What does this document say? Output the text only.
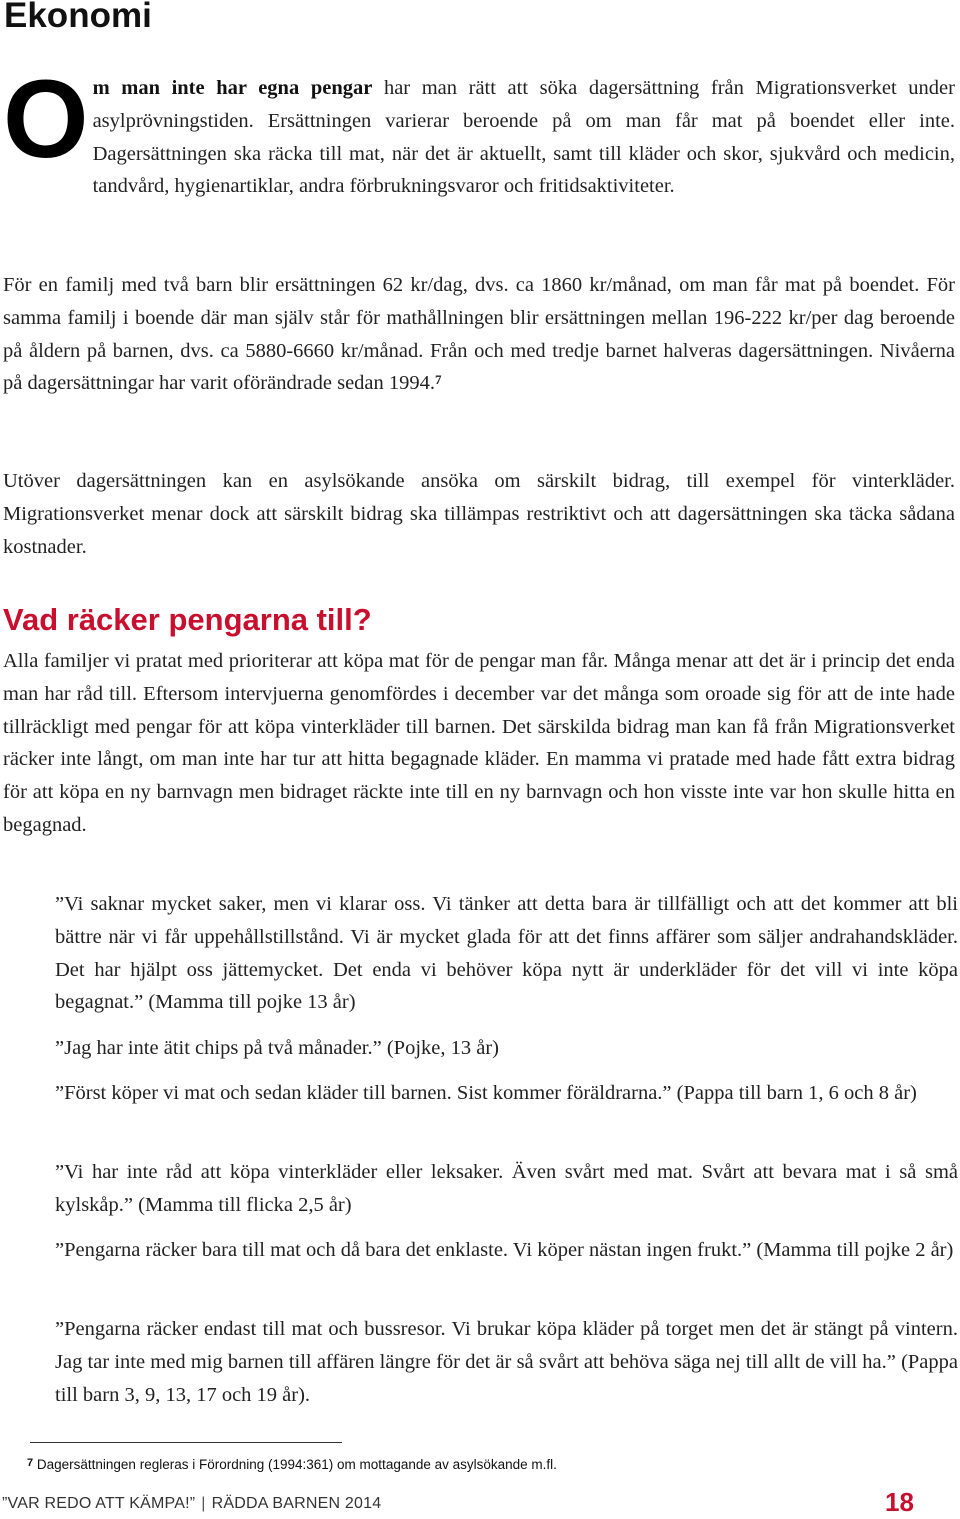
Ekonomi

Om man inte har egna pengar har man rätt att söka dagersättning från Migrationsverket under asylprövningstiden. Ersättningen varierar beroende på om man får mat på boendet eller inte. Dagersättningen ska räcka till mat, när det är aktuellt, samt till kläder och skor, sjukvård och medicin, tandvård, hygienartiklar, andra förbrukningsvaror och fritidsaktiviteter.

För en familj med två barn blir ersättningen 62 kr/dag, dvs. ca 1860 kr/månad, om man får mat på boendet. För samma familj i boende där man själv står för mathållningen blir ersättningen mellan 196-222 kr/per dag beroende på åldern på barnen, dvs. ca 5880-6660 kr/månad. Från och med tredje barnet halveras dagersättningen. Nivåerna på dagersättningar har varit oförändrade sedan 1994.$^7$

Utöver dagersättningen kan en asylsökande ansöka om särskilt bidrag, till exempel för vinterkläder. Migrationsverket menar dock att särskilt bidrag ska tillämpas restriktivt och att dagersättningen ska täcka sådana kostnader.

Vad räcker pengarna till?

Alla familjer vi pratat med prioriterar att köpa mat för de pengar man får. Många menar att det är i princip det enda man har råd till. Eftersom intervjuerna genomfördes i december var det många som oroade sig för att de inte hade tillräckligt med pengar för att köpa vinterkläder till barnen. Det särskilda bidrag man kan få från Migrationsverket räcker inte långt, om man inte har tur att hitta begagnade kläder. En mamma vi pratade med hade fått extra bidrag för att köpa en ny barnvagn men bidraget räckte inte till en ny barnvagn och hon visste inte var hon skulle hitta en begagnad.

”Vi saknar mycket saker, men vi klarar oss. Vi tänker att detta bara är tillfälligt och att det kommer att bli bättre när vi får uppehållstillstånd. Vi är mycket glada för att det finns affärer som säljer andrahandskläder. Det har hjälpt oss jättemycket. Det enda vi behöver köpa nytt är underkläder för det vill vi inte köpa begagnat.” (Mamma till pojke 13 år)

”Jag har inte ätit chips på två månader.” (Pojke, 13 år)

”Först köper vi mat och sedan kläder till barnen. Sist kommer föräldrarna.” (Pappa till barn 1, 6 och 8 år)

”Vi har inte råd att köpa vinterkläder eller leksaker. Även svårt med mat. Svårt att bevara mat i så små kylskåp.” (Mamma till flicka 2,5 år)

”Pengarna räcker bara till mat och då bara det enklaste. Vi köper nästan ingen frukt.” (Mamma till pojke 2 år)

”Pengarna räcker endast till mat och bussresor. Vi brukar köpa kläder på torget men det är stängt på vintern. Jag tar inte med mig barnen till affären längre för det är så svårt att behöva säga nej till allt de vill ha.” (Pappa till barn 3, 9, 13, 17 och 19 år).

$^7$ Dagersättningen regleras i Förordning (1994:361) om mottagande av asylsökande m.fl.

”VAR REDO ATT KÄMPA!” | RÄDDA BARNEN 2014	18
